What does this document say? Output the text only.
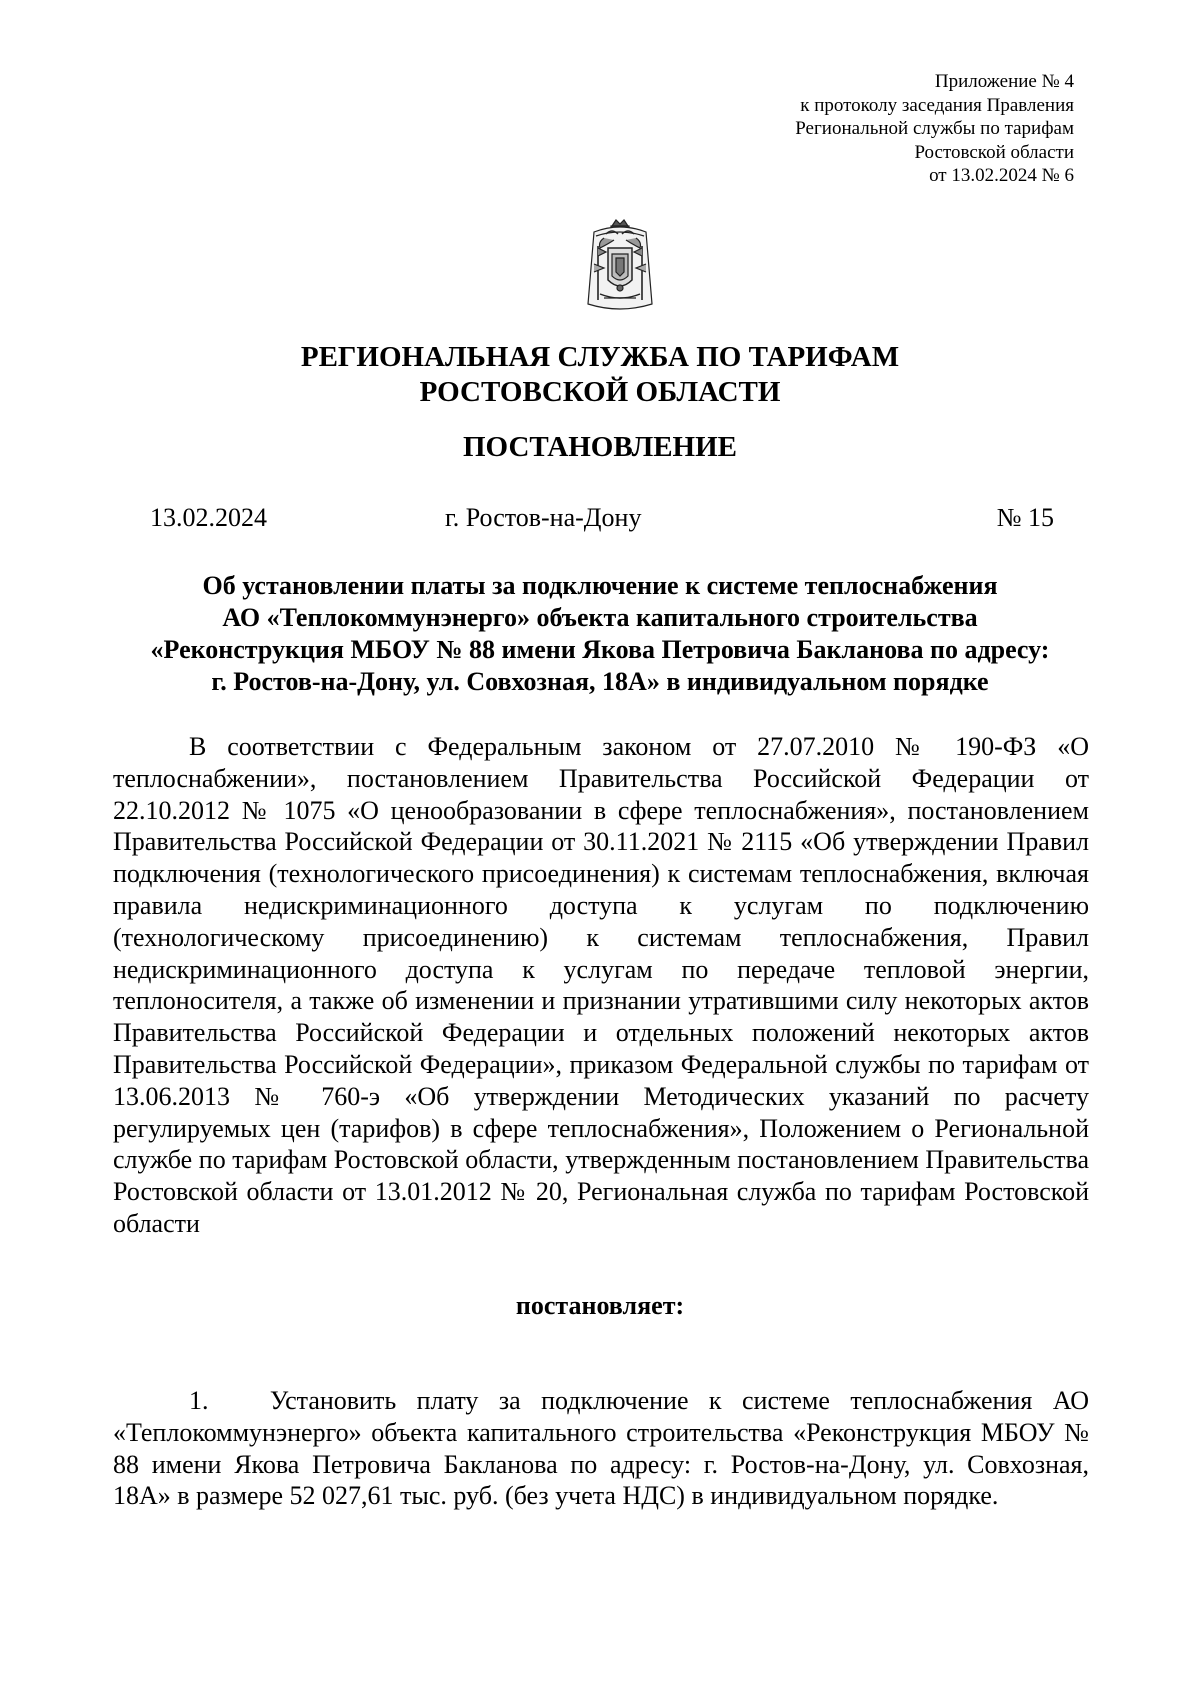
Приложение № 4
к протоколу заседания Правления
Региональной службы по тарифам
Ростовской области
от 13.02.2024 № 6
РЕГИОНАЛЬНАЯ СЛУЖБА ПО ТАРИФАМ
РОСТОВСКОЙ ОБЛАСТИ
ПОСТАНОВЛЕНИЕ
13.02.2024	г. Ростов-на-Дону	№ 15
Об установлении платы за подключение к системе теплоснабжения
АО «Теплокоммунэнерго» объекта капитального строительства
«Реконструкция МБОУ № 88 имени Якова Петровича Бакланова по адресу:
г. Ростов-на-Дону, ул. Совхозная, 18А» в индивидуальном порядке

В соответствии с Федеральным законом от 27.07.2010 № 190-ФЗ «О теплоснабжении», постановлением Правительства Российской Федерации от 22.10.2012 № 1075 «О ценообразовании в сфере теплоснабжения», постановлением Правительства Российской Федерации от 30.11.2021 № 2115 «Об утверждении Правил подключения (технологического присоединения) к системам теплоснабжения, включая правила недискриминационного доступа к услугам по подключению (технологическому присоединению) к системам теплоснабжения, Правил недискриминационного доступа к услугам по передаче тепловой энергии, теплоносителя, а также об изменении и признании утратившими силу некоторых актов Правительства Российской Федерации и отдельных положений некоторых актов Правительства Российской Федерации», приказом Федеральной службы по тарифам от 13.06.2013 № 760-э «Об утверждении Методических указаний по расчету регулируемых цен (тарифов) в сфере теплоснабжения», Положением о Региональной службе по тарифам Ростовской области, утвержденным постановлением Правительства Ростовской области от 13.01.2012 № 20, Региональная служба по тарифам Ростовской области

постановляет:

1. Установить плату за подключение к системе теплоснабжения АО «Теплокоммунэнерго» объекта капитального строительства «Реконструкция МБОУ № 88 имени Якова Петровича Бакланова по адресу: г. Ростов-на-Дону, ул. Совхозная, 18А» в размере 52 027,61 тыс. руб. (без учета НДС) в индивидуальном порядке.
